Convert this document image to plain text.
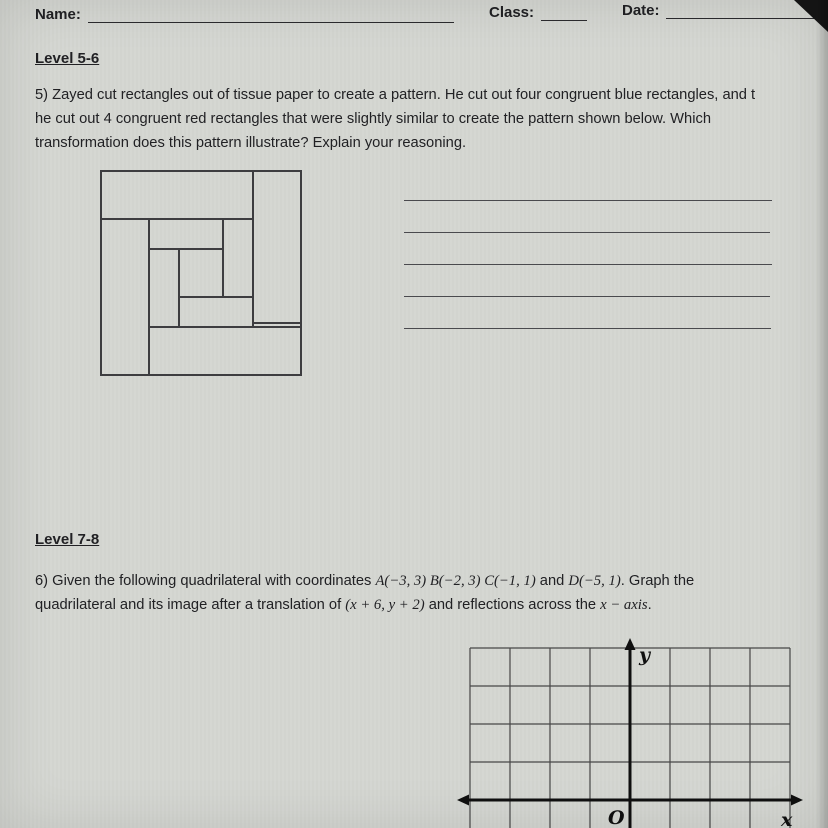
Name:	Class:	Date:
Level 5-6
5) Zayed cut rectangles out of tissue paper to create a pattern. He cut out four congruent blue rectangles, and t
he cut out 4 congruent red rectangles that were slightly similar to create the pattern shown below. Which
transformation does this pattern illustrate? Explain your reasoning.
Level 7-8
6) Given the following quadrilateral with coordinates A(−3, 3) B(−2, 3) C(−1, 1) and D(−5, 1). Graph the
quadrilateral and its image after a translation of (x + 6, y + 2) and reflections across the x − axis.
y
O	x
